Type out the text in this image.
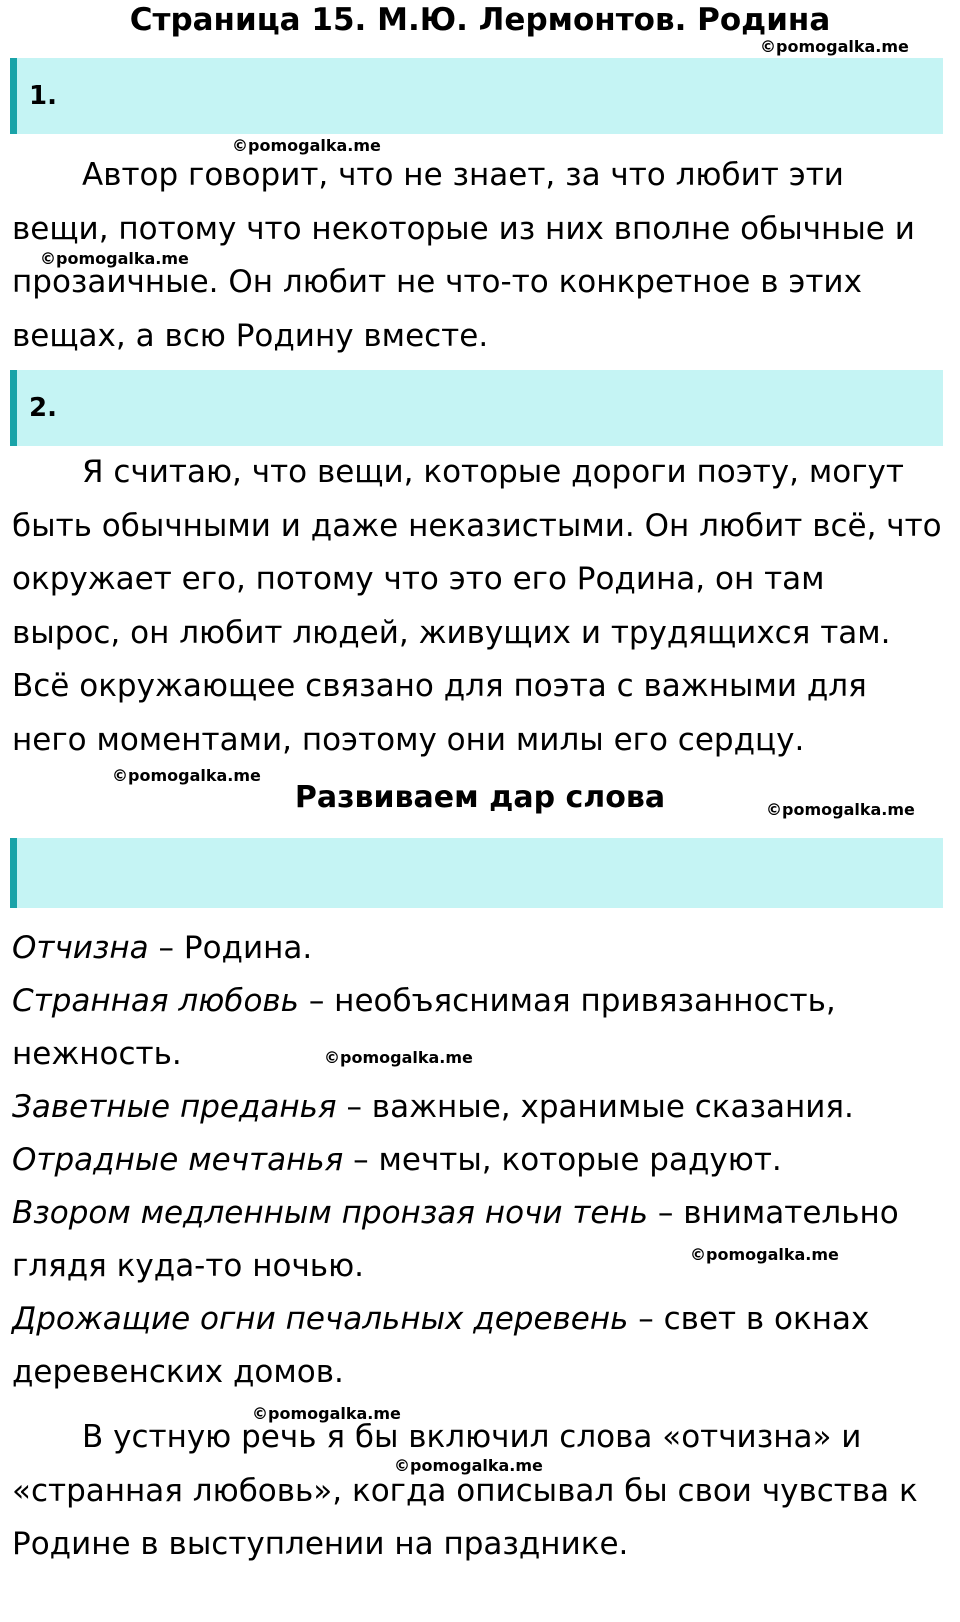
Страница 15. М.Ю. Лермонтов. Родина
©pomogalka.me
1.
©pomogalka.me
Автор говорит, что не знает, за что любит эти вещи, потому что некоторые из них вполне обычные и прозаичные. Он любит не что-то конкретное в этих вещах, а всю Родину вместе.
©pomogalka.me
2.
Я считаю, что вещи, которые дороги поэту, могут быть обычными и даже неказистыми. Он любит всё, что окружает его, потому что это его Родина, он там вырос, он любит людей, живущих и трудящихся там. Всё окружающее связано для поэта с важными для него моментами, поэтому они милы его сердцу.
©pomogalka.me
Развиваем дар слова	©pomogalka.me
Отчизна – Родина.
Странная любовь – необъяснимая привязанность, нежность.
Заветные преданья – важные, хранимые сказания.
Отрадные мечтанья – мечты, которые радуют.
Взором медленным пронзая ночи тень – внимательно глядя куда-то ночью.
Дрожащие огни печальных деревень – свет в окнах деревенских домов.
©pomogalka.me
©pomogalka.me
©pomogalka.me
В устную речь я бы включил слова «отчизна» и «странная любовь», когда описывал бы свои чувства к Родине в выступлении на празднике.
©pomogalka.me
